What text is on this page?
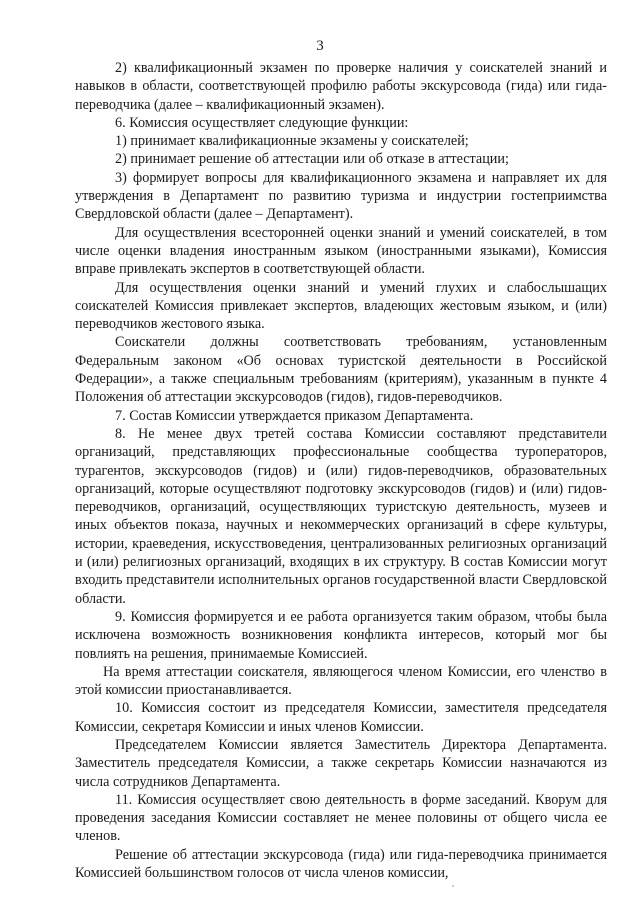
3

2) квалификационный экзамен по проверке наличия у соискателей знаний и навыков в области, соответствующей профилю работы экскурсовода (гида) или гида-переводчика (далее – квалификационный экзамен).

6. Комиссия осуществляет следующие функции:

1) принимает квалификационные экзамены у соискателей;

2) принимает решение об аттестации или об отказе в аттестации;

3) формирует вопросы для квалификационного экзамена и направляет их для утверждения в Департамент по развитию туризма и индустрии гостеприимства Свердловской области (далее – Департамент).

Для осуществления всесторонней оценки знаний и умений соискателей, в том числе оценки владения иностранным языком (иностранными языками), Комиссия вправе привлекать экспертов в соответствующей области.

Для осуществления оценки знаний и умений глухих и слабослышащих соискателей Комиссия привлекает экспертов, владеющих жестовым языком, и (или) переводчиков жестового языка.

Соискатели должны соответствовать требованиям, установленным Федеральным законом «Об основах туристской деятельности в Российской Федерации», а также специальным требованиям (критериям), указанным в пункте 4 Положения об аттестации экскурсоводов (гидов), гидов-переводчиков.

7. Состав Комиссии утверждается приказом Департамента.

8. Не менее двух третей состава Комиссии составляют представители организаций, представляющих профессиональные сообщества туроператоров, турагентов, экскурсоводов (гидов) и (или) гидов-переводчиков, образовательных организаций, которые осуществляют подготовку экскурсоводов (гидов) и (или) гидов-переводчиков, организаций, осуществляющих туристскую деятельность, музеев и иных объектов показа, научных и некоммерческих организаций в сфере культуры, истории, краеведения, искусствоведения, централизованных религиозных организаций и (или) религиозных организаций, входящих в их структуру. В состав Комиссии могут входить представители исполнительных органов государственной власти Свердловской области.

9. Комиссия формируется и ее работа организуется таким образом, чтобы была исключена возможность возникновения конфликта интересов, который мог бы повлиять на решения, принимаемые Комиссией.

На время аттестации соискателя, являющегося членом Комиссии, его членство в этой комиссии приостанавливается.

10. Комиссия состоит из председателя Комиссии, заместителя председателя Комиссии, секретаря Комиссии и иных членов Комиссии.

Председателем Комиссии является Заместитель Директора Департамента. Заместитель председателя Комиссии, а также секретарь Комиссии назначаются из числа сотрудников Департамента.

11. Комиссия осуществляет свою деятельность в форме заседаний. Кворум для проведения заседания Комиссии составляет не менее половины от общего числа ее членов.

Решение об аттестации экскурсовода (гида) или гида-переводчика принимается Комиссией большинством голосов от числа членов комиссии,
